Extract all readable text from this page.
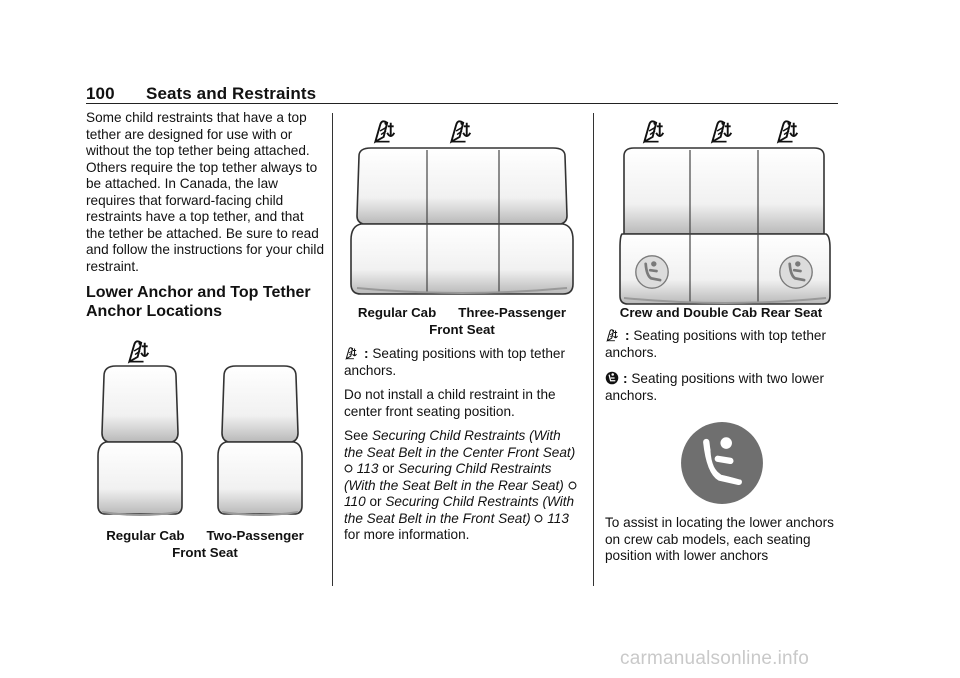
100 Seats and Restraints

Some child restraints that have a top tether are designed for use with or without the top tether being attached. Others require the top tether always to be attached. In Canada, the law requires that forward-facing child restraints have a top tether, and that the tether be attached. Be sure to read and follow the instructions for your child restraint.

Lower Anchor and Top Tether Anchor Locations
Regular Cab Two-Passenger
Front Seat
Regular Cab Three-Passenger
Front Seat
: Seating positions with top tether anchors.

Do not install a child restraint in the center front seating position.

See Securing Child Restraints (With the Seat Belt in the Center Front Seat)  113 or Securing Child Restraints (With the Seat Belt in the Rear Seat)  110 or Securing Child Restraints (With the Seat Belt in the Front Seat) 113 for more information.

Crew and Double Cab Rear Seat
: Seating positions with top tether anchors.
: Seating positions with two lower anchors.
To assist in locating the lower anchors on crew cab models, each seating position with lower anchors
carmanualsonline.info
